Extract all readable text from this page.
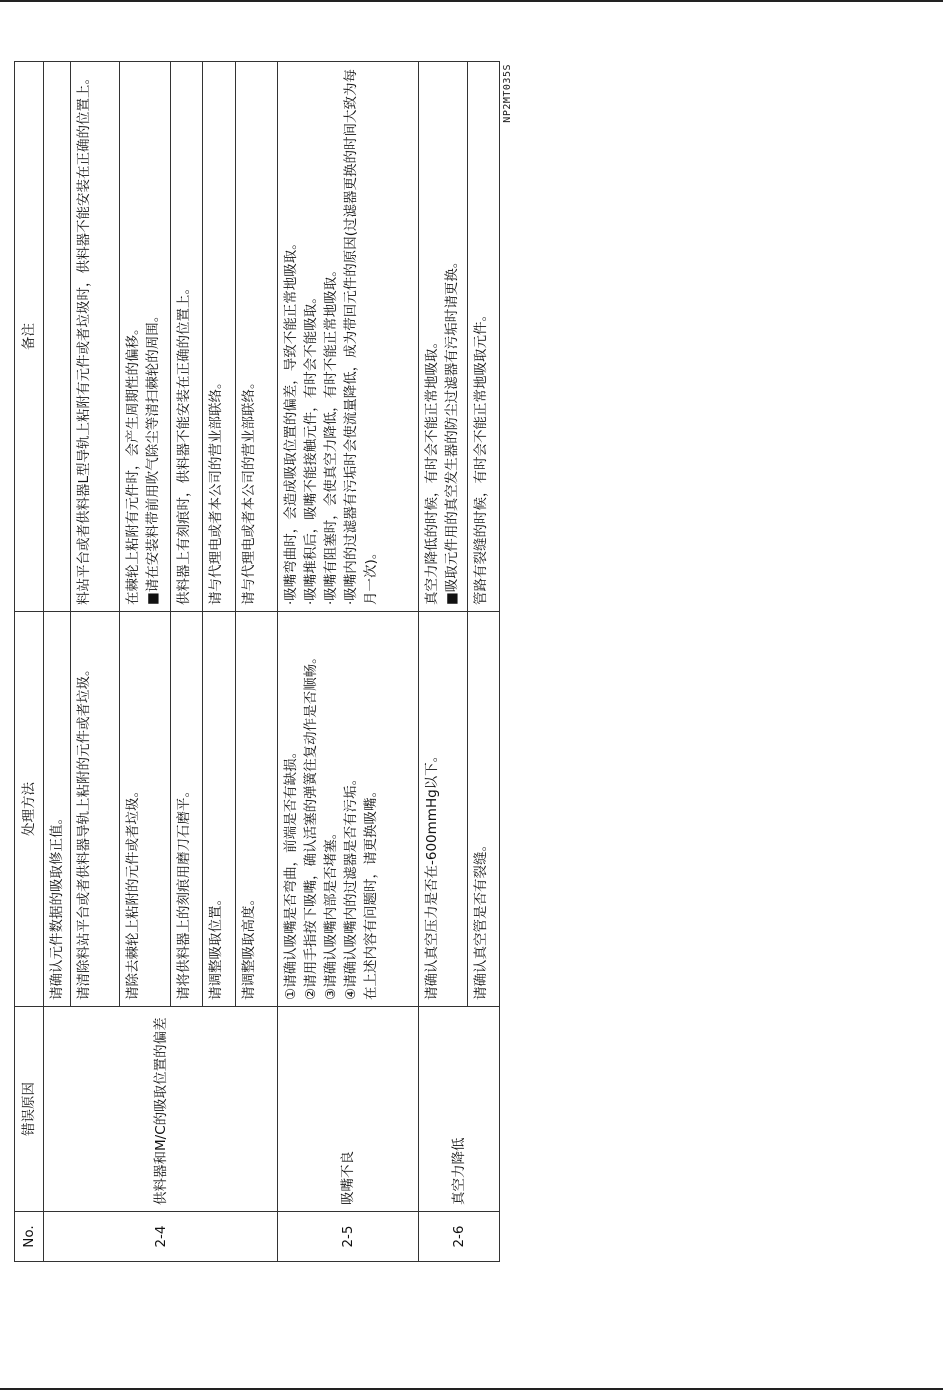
No.	错误原因	处理方法	备注
2-4	供料器和M/C的吸取位置的偏差	请确认元件数据的吸取修正值。	

		请清除料站平台或者供料器导轨上粘附的元件或者垃圾。	料站平台或者供料器L型导轨上粘附有元件或者垃圾时，供料器不能安装在正确的位置上。

		请除去棘轮上粘附的元件或者垃圾。	在棘轮上粘附有元件时，会产生周期性的偏移。 ■请在安装料带前用吹气除尘等清扫棘轮的周围。

		请将供料器上的刻痕用磨刀石磨平。	供料器上有刻痕时，供料器不能安装在正确的位置上。

		请调整吸取位置。	请与代理电或者本公司的营业部联络。

		请调整吸取高度。	请与代理电或者本公司的营业部联络。

2-5	吸嘴不良	①请确认吸嘴是否弯曲，前端是否有缺损。 ②请用手指按下吸嘴，确认活塞的弹簧往复动作是否顺畅。 ③请确认吸嘴内部是否堵塞。 ④请确认吸嘴内的过滤器是否有污垢。 在上述内容有问题时，请更换吸嘴。	·吸嘴弯曲时，会造成吸取位置的偏差，导致不能正常地吸取。 ·吸嘴堆积后，吸嘴不能接触元件，有时会不能吸取。 ·吸嘴有阻塞时，会使真空力降低，有时不能正常地吸取。 ·吸嘴内的过滤器有污垢时会使流量降低，成为带回元件的原因(过滤器更换的时间大致为每月一次)。

2-6	真空力降低	请确认真空压力是否在-600mmHg以下。	真空力降低的时候，有时会不能正常地吸取。 ■吸取元件用的真空发生器的防尘过滤器有污垢时请更换。

		请确认真空管是否有裂缝。	管路有裂缝的时候，有时会不能正常地吸取元件。
NP2MT035S
